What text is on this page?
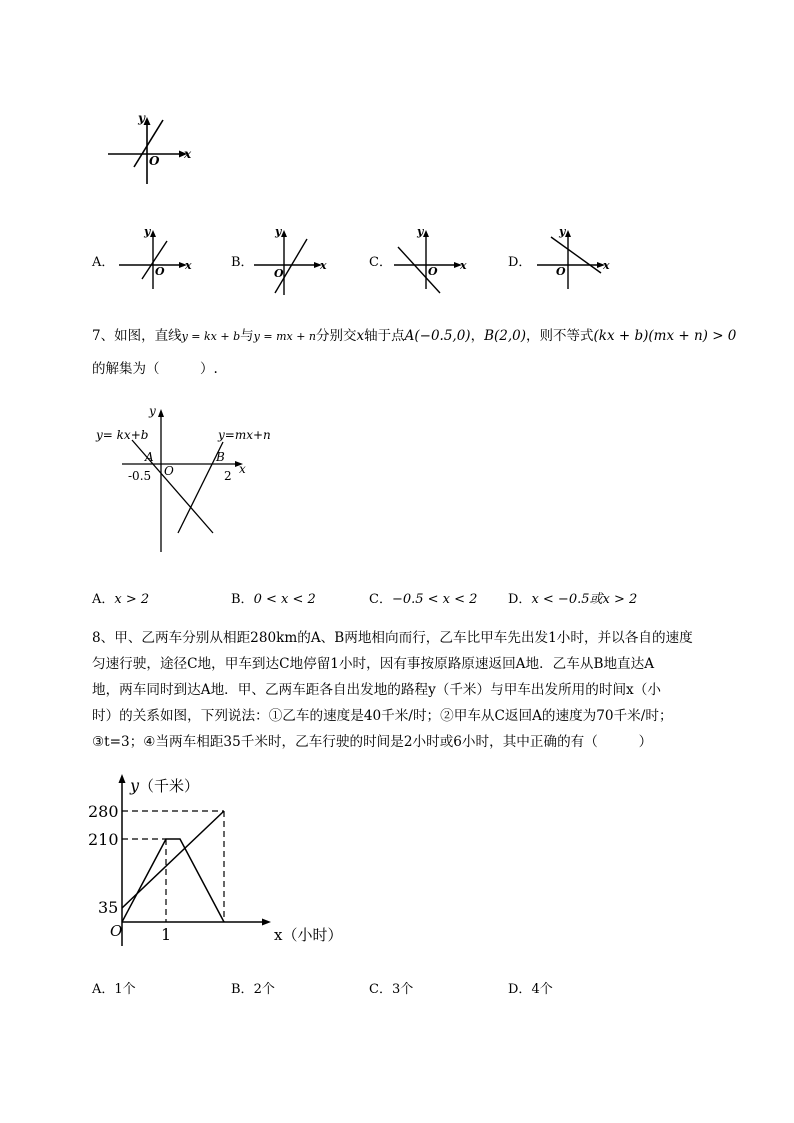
y
x
O
A．
y
x
O
B．
y
x
O
C．
y
x
O
D．
y
x
O
7、如图，直线y = kx + b与y = mx + n分别交x轴于点A(−0.5,0)，B(2,0)，则不等式(kx + b)(mx + n) > 0
的解集为（　　　）.
y
x
O
y= kx+b	y=mx+n
A	B
-0.5	2
A．x > 2	B．0 < x < 2	C．−0.5 < x < 2 D．x < −0.5或x > 2
8、甲、乙两车分别从相距280km的A、B两地相向而行，乙车比甲车先出发1小时，并以各自的速度
匀速行驶，途径C地，甲车到达C地停留1小时，因有事按原路原速返回A地．乙车从B地直达A
地，两车同时到达A地．甲、乙两车距各自出发地的路程y（千米）与甲车出发所用的时间x（小
时）的关系如图，下列说法：①乙车的速度是40千米/时；②甲车从C返回A的速度为70千米/时；
③t=3；④当两车相距35千米时，乙车行驶的时间是2小时或6小时，其中正确的有（　　　）
y（千米）
x（小时）
O
280
210
35
1
A．1个	B．2个	C．3个	D．4个
